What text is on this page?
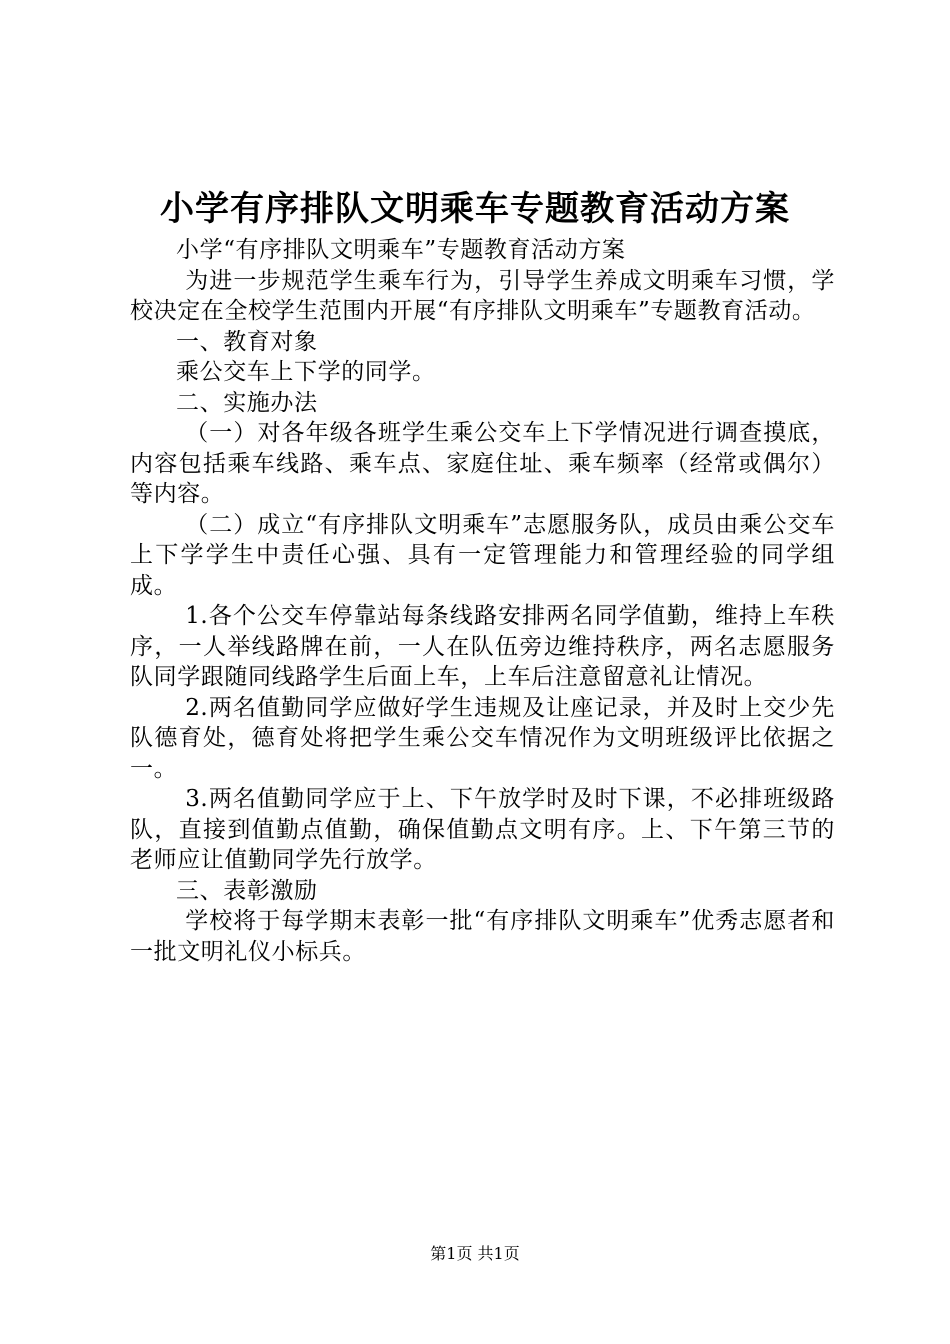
小学有序排队文明乘车专题教育活动方案

小学“有序排队文明乘车”专题教育活动方案

为进一步规范学生乘车行为，引导学生养成文明乘车习惯，学校决定在全校学生范围内开展“有序排队文明乘车”专题教育活动。

一、教育对象

乘公交车上下学的同学。

二、实施办法

（一）对各年级各班学生乘公交车上下学情况进行调查摸底，内容包括乘车线路、乘车点、家庭住址、乘车频率（经常或偶尔）等内容。

（二）成立“有序排队文明乘车”志愿服务队，成员由乘公交车上下学学生中责任心强、具有一定管理能力和管理经验的同学组成。

1.各个公交车停靠站每条线路安排两名同学值勤，维持上车秩序，一人举线路牌在前，一人在队伍旁边维持秩序，两名志愿服务队同学跟随同线路学生后面上车，上车后注意留意礼让情况。

2.两名值勤同学应做好学生违规及让座记录，并及时上交少先队德育处，德育处将把学生乘公交车情况作为文明班级评比依据之一。

3.两名值勤同学应于上、下午放学时及时下课，不必排班级路队，直接到值勤点值勤，确保值勤点文明有序。上、下午第三节的老师应让值勤同学先行放学。

三、表彰激励

学校将于每学期末表彰一批“有序排队文明乘车”优秀志愿者和一批文明礼仪小标兵。

第1页 共1页
